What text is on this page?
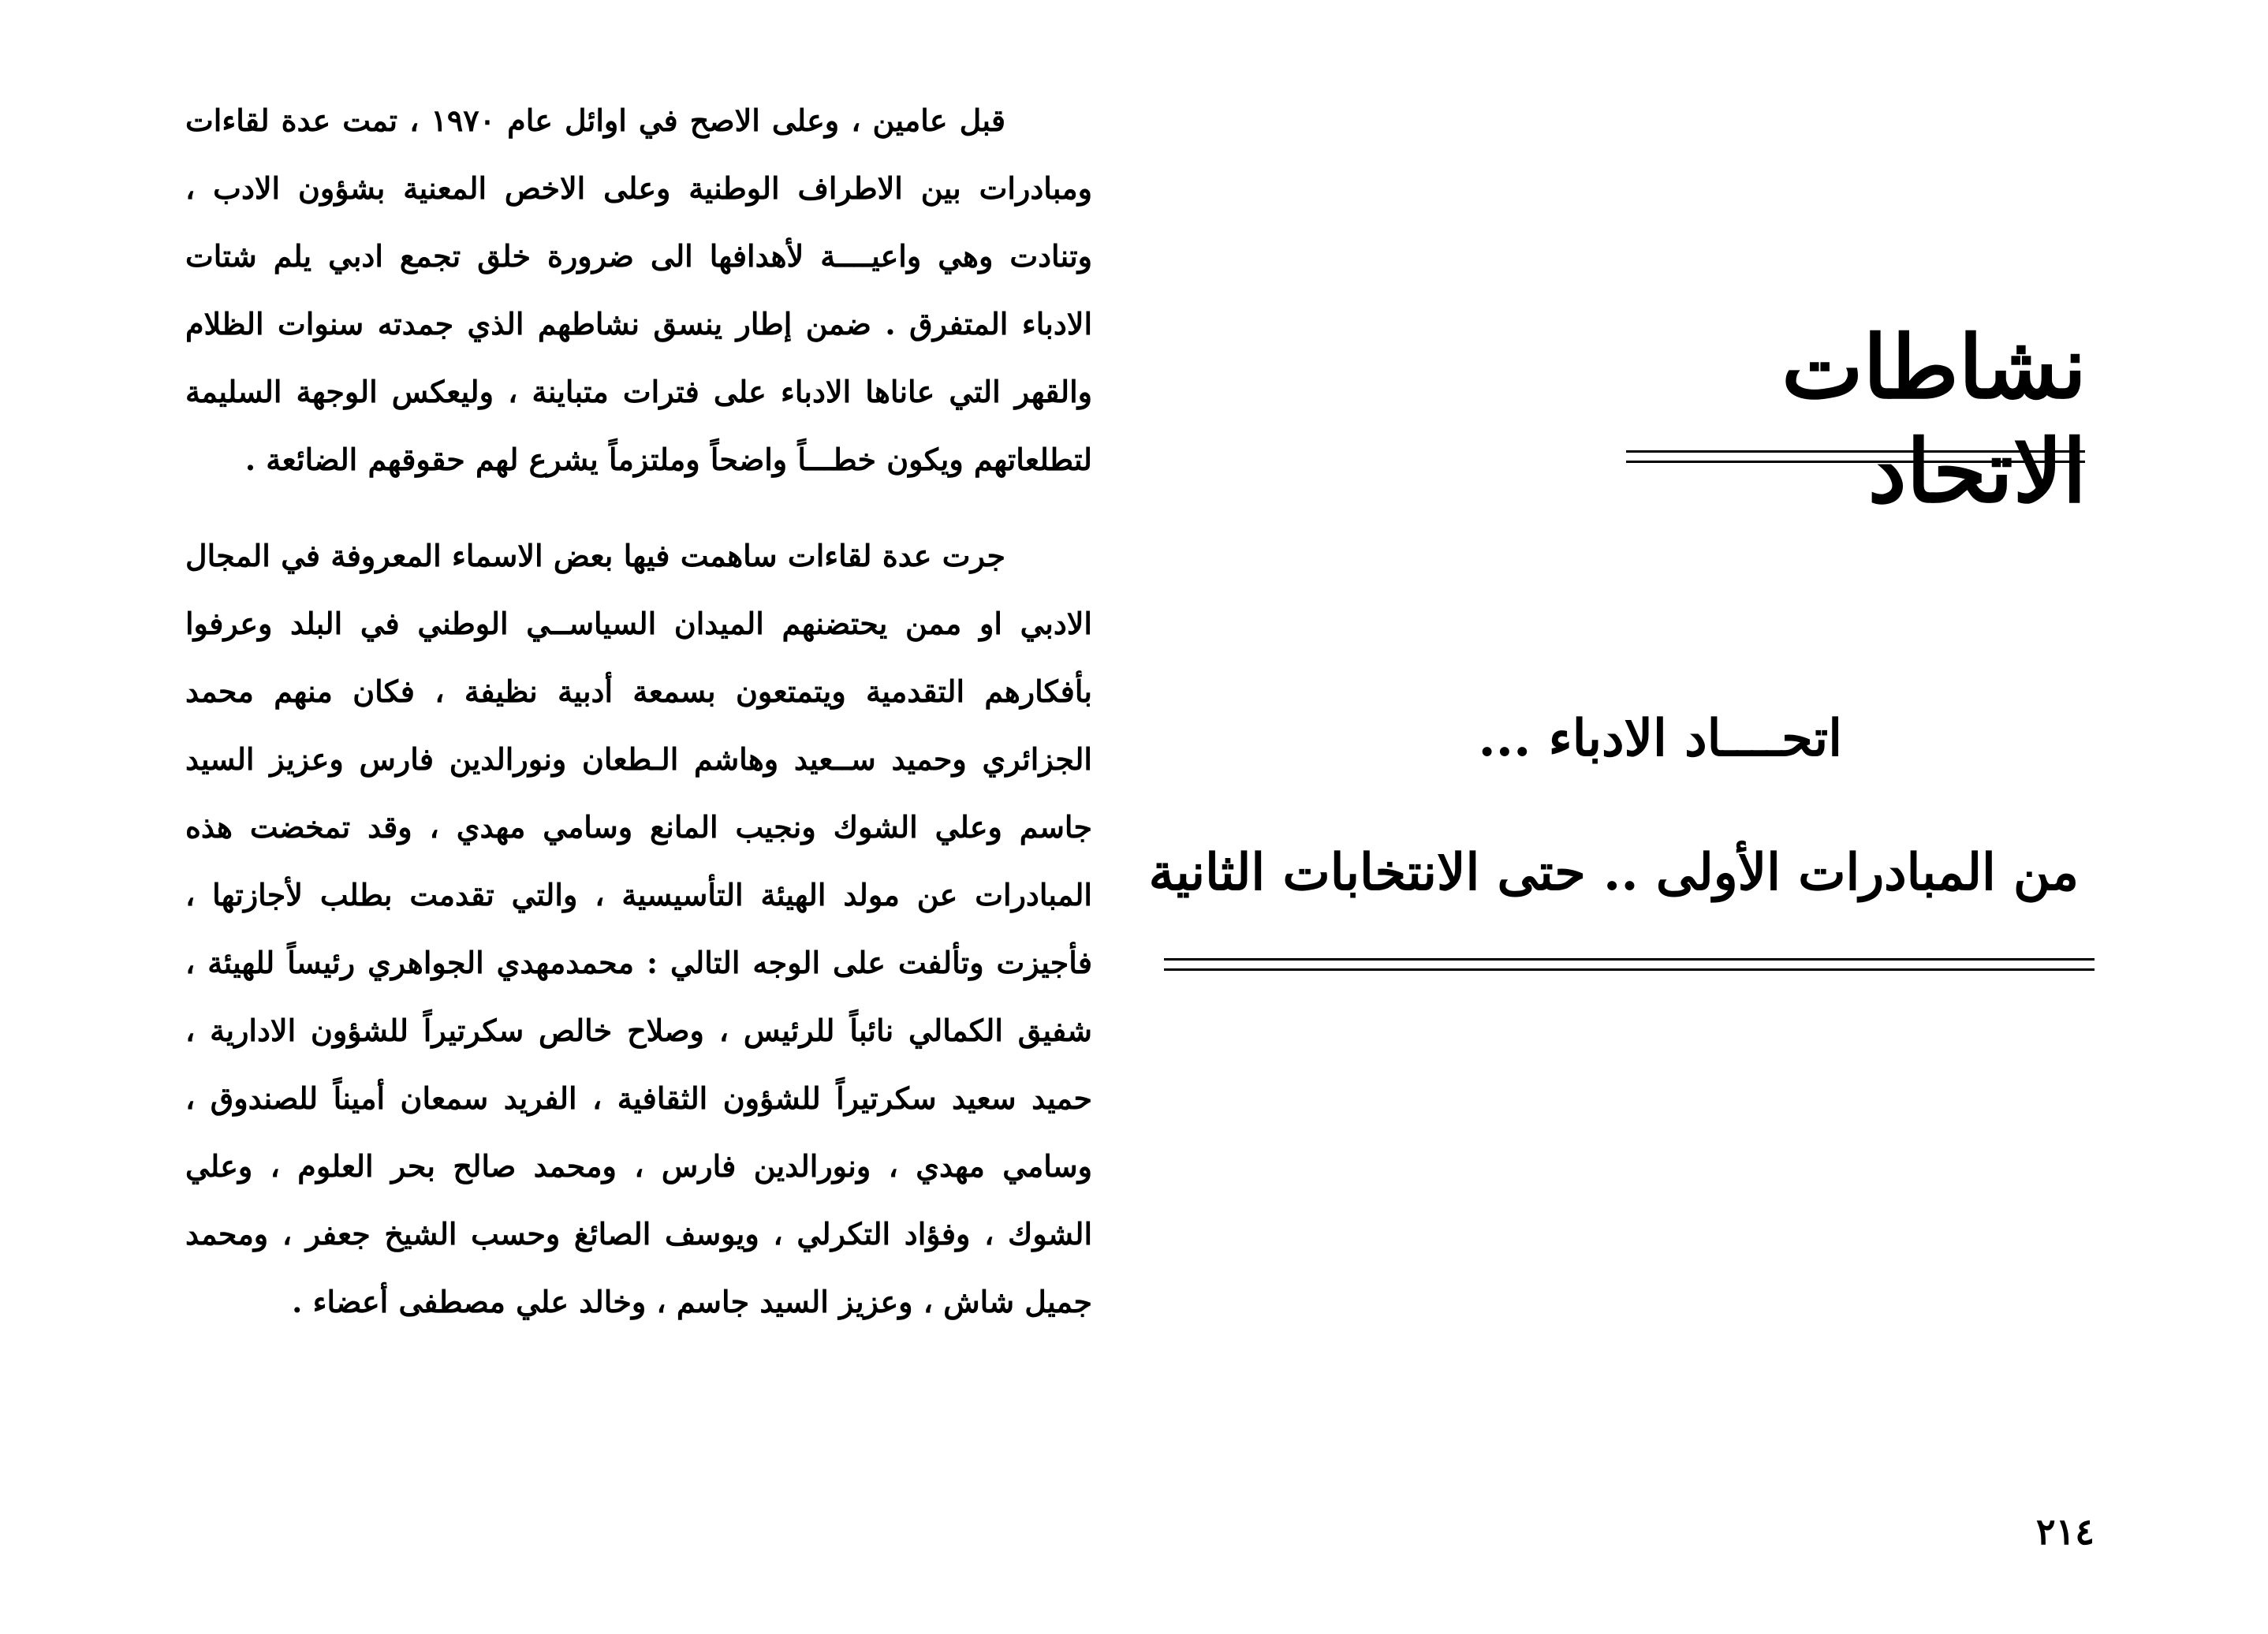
نشاطات الاتحاد
اتحــــاد الادباء ...
من المبادرات الأولى .. حتى الانتخابات الثانية

قبل عامين ، وعلى الاصح في اوائل عام ١٩٧٠ ، تمت عدة لقاءات ومبادرات بين الاطراف الوطنية وعلى الاخص المعنية بشؤون الادب ، وتنادت وهي واعيــــة لأهدافها الى ضرورة خلق تجمع ادبي يلم شتات الادباء المتفرق . ضمن إطار ينسق نشاطهم الذي جمدته سنوات الظلام والقهر التي عاناها الادباء على فترات متباينة ، وليعكس الوجهة السليمة لتطلعاتهم ويكون خطـــاً واضحاً وملتزماً يشرع لهم حقوقهم الضائعة .

جرت عدة لقاءات ساهمت فيها بعض الاسماء المعروفة في المجال الادبي او ممن يحتضنهم الميدان السياســي الوطني في البلد وعرفوا بأفكارهم التقدمية ويتمتعون بسمعة أدبية نظيفة ، فكان منهم محمد الجزائري وحميد ســعيد وهاشم الـطعان ونورالدين فارس وعزيز السيد جاسم وعلي الشوك ونجيب المانع وسامي مهدي ، وقد تمخضت هذه المبادرات عن مولد الهيئة التأسيسية ، والتي تقدمت بطلب لأجازتها ، فأجيزت وتألفت على الوجه التالي : محمدمهدي الجواهري رئيساً للهيئة ، شفيق الكمالي نائباً للرئيس ، وصلاح خالص سكرتيراً للشؤون الادارية ، حميد سعيد سكرتيراً للشؤون الثقافية ، الفريد سمعان أميناً للصندوق ، وسامي مهدي ، ونورالدين فارس ، ومحمد صالح بحر العلوم ، وعلي الشوك ، وفؤاد التكرلي ، ويوسف الصائغ وحسب الشيخ جعفر ، ومحمد جميل شاش ، وعزيز السيد جاسم ، وخالد علي مصطفى أعضاء .

٢١٤
